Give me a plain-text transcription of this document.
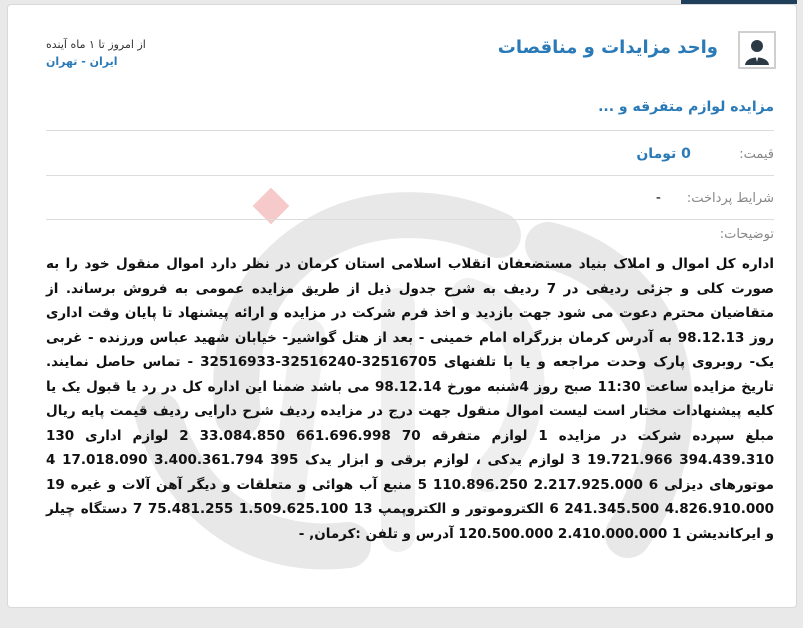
واحد مزایدات و مناقصات
از امروز تا ۱ ماه آینده
ایران - تهران
مزایده لوازم متفرقه و ...
قیمت: 0 تومان
شرایط پرداخت: -
توضیحات:
اداره کل اموال و املاک بنیاد مستضعفان انقلاب اسلامی استان کرمان در نظر دارد اموال منقول خود را به صورت کلی و جزئی ردیفی در 7 ردیف به شرح جدول ذیل از طریق مزایده عمومی به فروش برساند. از متقاضیان محترم دعوت می شود جهت بازدید و اخذ فرم شرکت در مزایده و ارائه پیشنهاد تا پایان وقت اداری روز 98.12.13 به آدرس کرمان بزرگراه امام خمینی - بعد از هتل گواشیر- خیابان شهید عباس ورزنده - غربی یک- روبروی پارک وحدت مراجعه و یا با تلفنهای 32516705-32516240-32516933 - تماس حاصل نمایند. تاریخ مزایده ساعت 11:30 صبح روز 4شنبه مورخ 98.12.14 می باشد ضمنا این اداره کل در رد یا قبول یک یا کلیه پیشنهادات مختار است لیست اموال منقول جهت درج در مزایده ردیف شرح دارایی ردیف قیمت پایه ریال مبلغ سپرده شرکت در مزایده 1 لوازم متفرقه 70 661.696.998 33.084.850 2 لوازم اداری 130 394.439.310 19.721.966 3 لوازم یدکی ، لوازم برقی و ابزار یدک 395 3.400.361.794 17.018.090 4 موتورهای دیزلی 6 2.217.925.000 110.896.250 5 منبع آب هوائی و متعلقات و دیگر آهن آلات و غیره 19 4.826.910.000 241.345.500 6 الکتروموتور و الکتروپمپ 13 1.509.625.100 75.481.255 7 دستگاه چیلر و ایرکاندیشن 1 2.410.000.000 120.500.000 آدرس و تلفن :کرمان, -
